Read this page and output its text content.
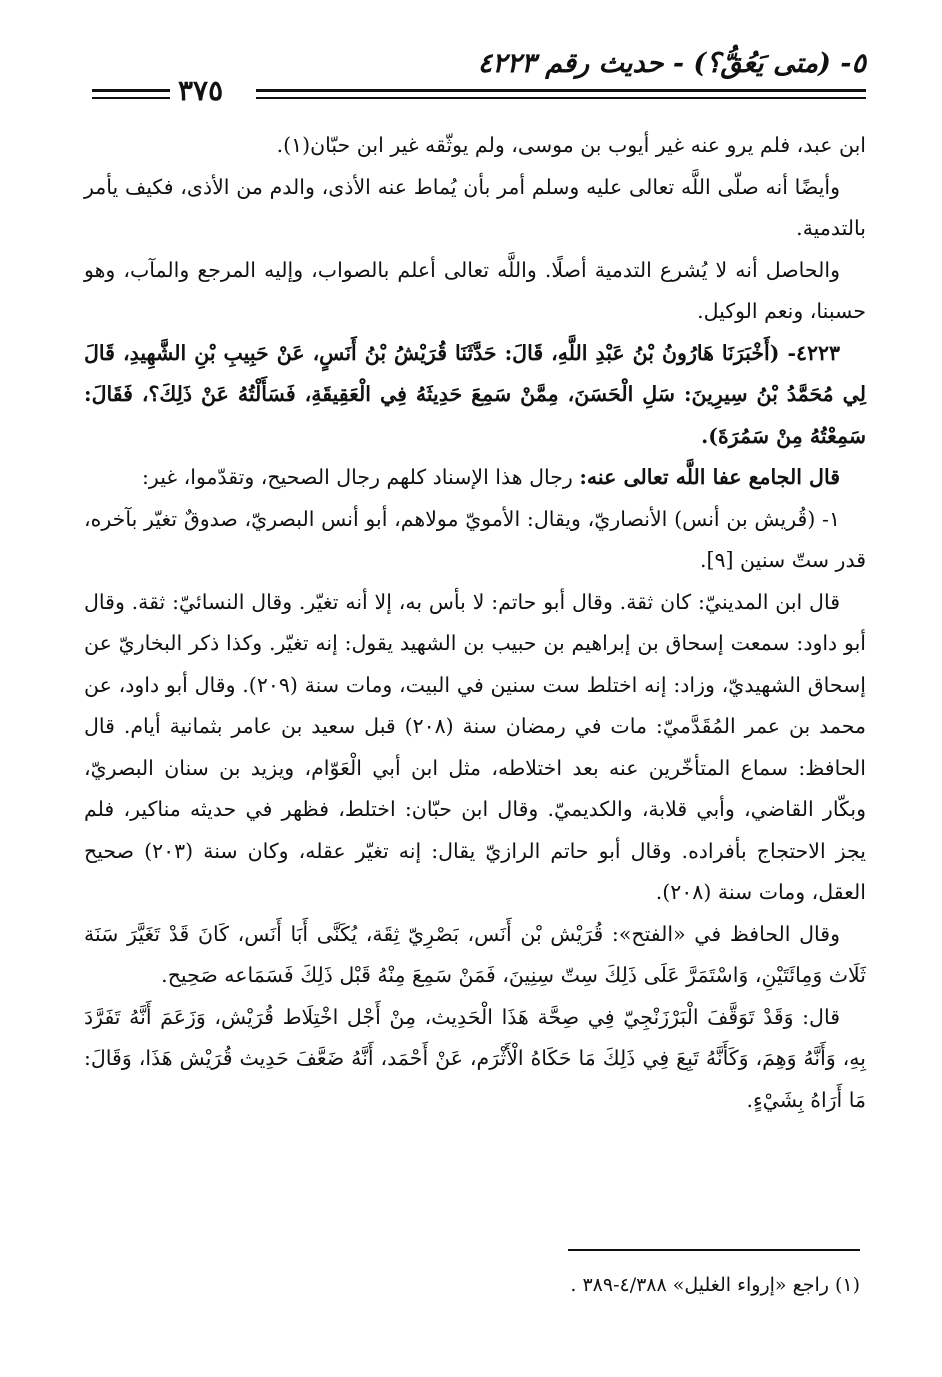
٥- (متى يَعُقُّ؟) - حديث رقم ٤٢٢٣
٣٧٥

ابن عبد، فلم يرو عنه غير أيوب بن موسى، ولم يوثّقه غير ابن حبّان(١).

وأيضًا أنه صلّى اللَّه تعالى عليه وسلم أمر بأن يُماط عنه الأذى، والدم من الأذى، فكيف يأمر بالتدمية.

والحاصل أنه لا يُشرع التدمية أصلًا. واللَّه تعالى أعلم بالصواب، وإليه المرجع والمآب، وهو حسبنا، ونعم الوكيل.

٤٢٢٣- (أَخْبَرَنَا هَارُونُ بْنُ عَبْدِ اللَّهِ، قَالَ: حَدَّثَنَا قُرَيْشُ بْنُ أَنَسٍ، عَنْ حَبِيبِ بْنِ الشَّهِيدِ، قَالَ لِي مُحَمَّدُ بْنُ سِيرِينَ: سَلِ الْحَسَنَ، مِمَّنْ سَمِعَ حَدِيثَهُ فِي الْعَقِيقَةِ، فَسَأَلْتُهُ عَنْ ذَلِكَ؟، فَقَالَ: سَمِعْتُهُ مِنْ سَمُرَةَ).

قال الجامع عفا اللَّه تعالى عنه: رجال هذا الإسناد كلهم رجال الصحيح، وتقدّموا، غير:

١- (قُريش بن أنس) الأنصاريّ، ويقال: الأمويّ مولاهم، أبو أنس البصريّ، صدوقٌ تغيّر بآخره، قدر ستّ سنين [٩].

قال ابن المدينيّ: كان ثقة. وقال أبو حاتم: لا بأس به، إلا أنه تغيّر. وقال النسائيّ: ثقة. وقال أبو داود: سمعت إسحاق بن إبراهيم بن حبيب بن الشهيد يقول: إنه تغيّر. وكذا ذكر البخاريّ عن إسحاق الشهيديّ، وزاد: إنه اختلط ست سنين في البيت، ومات سنة (٢٠٩). وقال أبو داود، عن محمد بن عمر المُقَدَّميّ: مات في رمضان سنة (٢٠٨) قبل سعيد بن عامر بثمانية أيام. قال الحافظ: سماع المتأخّرين عنه بعد اختلاطه، مثل ابن أبي الْعَوّام، ويزيد بن سنان البصريّ، وبكّار القاضي، وأبي قلابة، والكديميّ. وقال ابن حبّان: اختلط، فظهر في حديثه مناكير، فلم يجز الاحتجاج بأفراده. وقال أبو حاتم الرازيّ يقال: إنه تغيّر عقله، وكان سنة (٢٠٣) صحيح العقل، ومات سنة (٢٠٨).

وقال الحافظ في «الفتح»: قُرَيْش بْن أَنَس، بَصْرِيّ ثِقَة، يُكَنَّى أَبَا أَنَس، كَانَ قَدْ تَغَيَّرَ سَنَة ثَلَاث وَمِائَتَيْنِ، وَاسْتَمَرَّ عَلَى ذَلِكَ سِتّ سِنِينَ، فَمَنْ سَمِعَ مِنْهُ قَبْل ذَلِكَ فَسَمَاعه صَحِيح.

قال: وَقَدْ تَوَقَّفَ الْبَرْزَنْجِيّ فِي صِحَّة هَذَا الْحَدِيث، مِنْ أَجْل اخْتِلَاط قُرَيْش، وَزَعَمَ أَنَّهُ تَفَرَّدَ بِهِ، وَأَنَّهُ وَهِمَ، وَكَأَنَّهُ تَبِعَ فِي ذَلِكَ مَا حَكَاهُ الْأَثْرَم، عَنْ أَحْمَد، أَنَّهُ ضَعَّفَ حَدِيث قُرَيْش هَذَا، وَقَالَ: مَا أَرَاهُ بِشَيْءٍ.

(١) راجع «إرواء الغليل» ٤/٣٨٨-٣٨٩ .
